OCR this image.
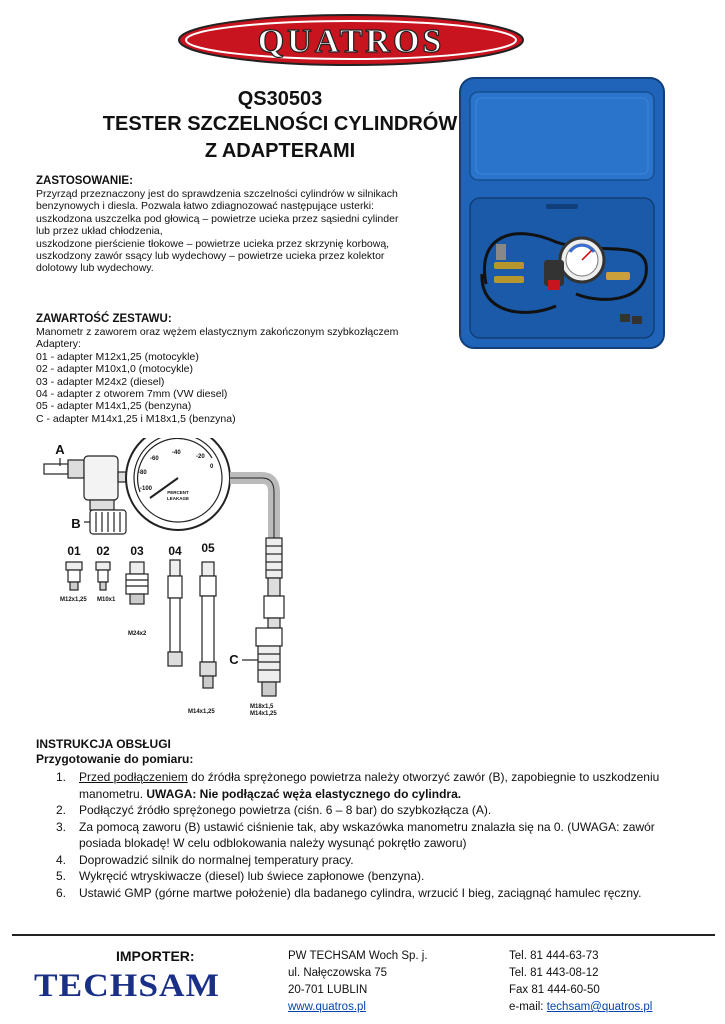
QUATROS
QS30503
TESTER SZCZELNOŚCI CYLINDRÓW
Z ADAPTERAMI
ZASTOSOWANIE:
Przyrząd przeznaczony jest do sprawdzenia szczelności cylindrów w silnikach
benzynowych i diesla. Pozwala łatwo zdiagnozować następujące usterki:
uszkodzona uszczelka pod głowicą – powietrze ucieka przez sąsiedni cylinder
lub przez układ chłodzenia,
uszkodzone pierścienie tłokowe – powietrze ucieka przez skrzynię korbową,
uszkodzony zawór ssący lub wydechowy – powietrze ucieka przez kolektor
dolotowy lub wydechowy.
ZAWARTOŚĆ ZESTAWU:
Manometr z zaworem oraz wężem elastycznym zakończonym szybkozłączem
Adaptery:
01 - adapter M12x1,25 (motocykle)
02 - adapter M10x1,0 (motocykle)
03 - adapter M24x2 (diesel)
04 - adapter z otworem 7mm (VW diesel)
05 - adapter M14x1,25 (benzyna)
C - adapter M14x1,25 i M18x1,5 (benzyna)
A
B
C
-100
-80
-60
-40
-20
0
PERCENT
LEAKAGE
01 02 03 04 05
M12x1,25 M10x1
M24x2
M14x1,25
M18x1,5
M14x1,25
INSTRUKCJA OBSŁUGI
Przygotowanie do pomiaru:
1. Przed podłączeniem do źródła sprężonego powietrza należy otworzyć zawór (B), zapobiegnie to uszkodzeniu
manometru. UWAGA: Nie podłączać węża elastycznego do cylindra.
2. Podłączyć źródło sprężonego powietrza (ciśn. 6 – 8 bar) do szybkozłącza (A).
3. Za pomocą zaworu (B) ustawić ciśnienie tak, aby wskazówka manometru znalazła się na 0. (UWAGA: zawór
posiada blokadę! W celu odblokowania należy wysunąć pokrętło zaworu)
4. Doprowadzić silnik do normalnej temperatury pracy.
5. Wykręcić wtryskiwacze (diesel) lub świece zapłonowe (benzyna).
6. Ustawić GMP (górne martwe położenie) dla badanego cylindra, wrzucić I bieg, zaciągnąć hamulec ręczny.
IMPORTER:
TECHSAM
PW TECHSAM Woch Sp. j.
ul. Nałęczowska 75
20-701 LUBLIN
www.quatros.pl
Tel. 81 444-63-73
Tel. 81 443-08-12
Fax 81 444-60-50
e-mail: techsam@quatros.pl
